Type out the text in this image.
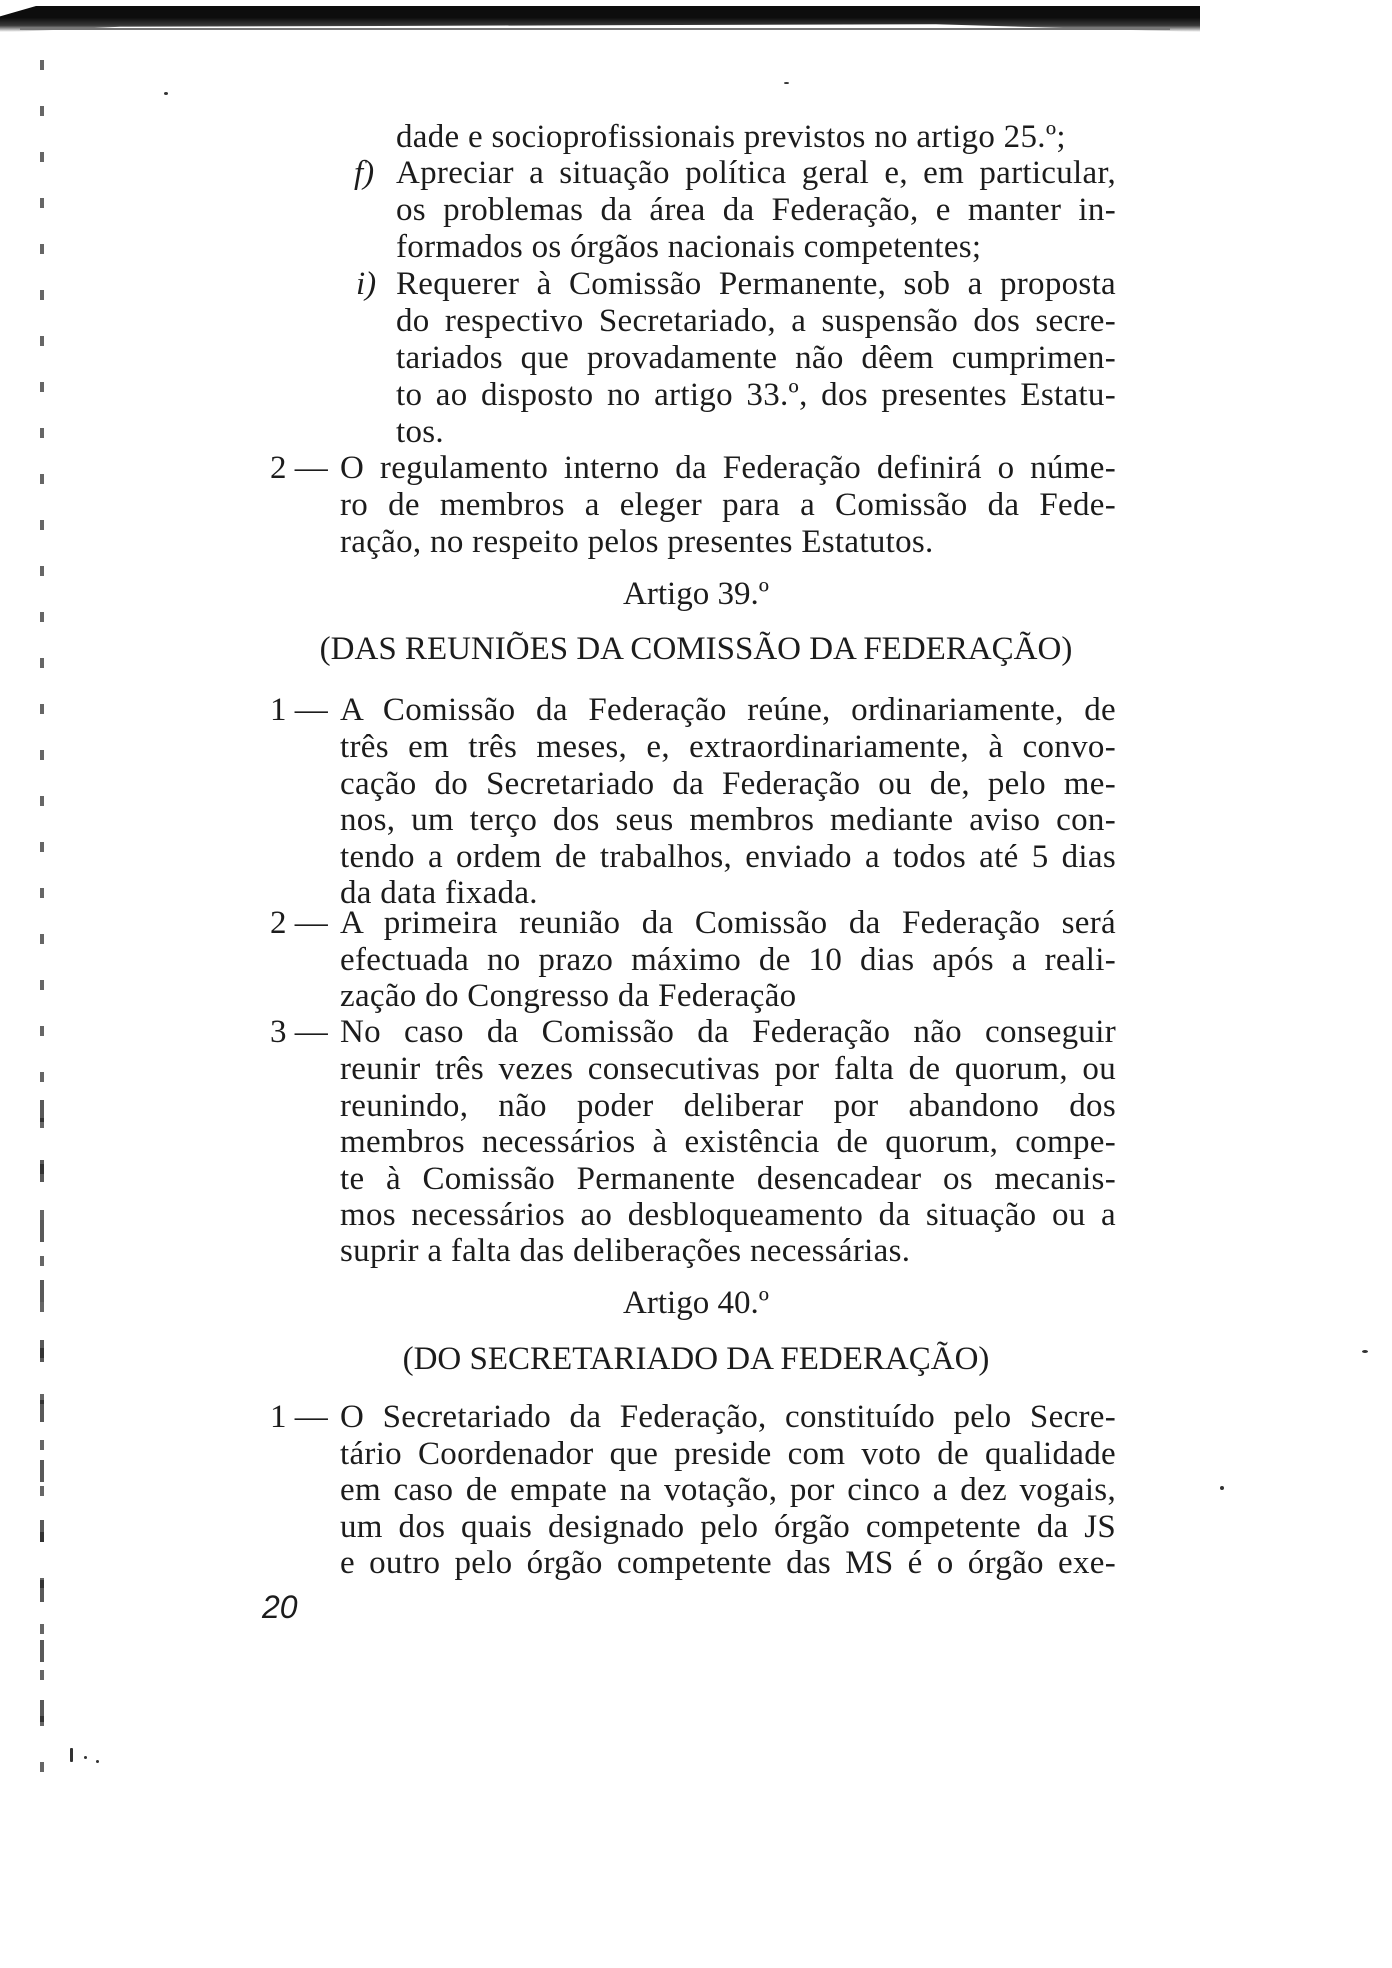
dade e socioprofissionais previstos no artigo 25.º;
f) Apreciar a situação política geral e, em particular,
os problemas da área da Federação, e manter in-
formados os órgãos nacionais competentes;
i) Requerer à Comissão Permanente, sob a proposta
do respectivo Secretariado, a suspensão dos secre-
tariados que provadamente não dêem cumprimen-
to ao disposto no artigo 33.º, dos presentes Estatu-
tos.
2 — O regulamento interno da Federação definirá o núme-
ro de membros a eleger para a Comissão da Fede-
ração, no respeito pelos presentes Estatutos.
Artigo 39.º
(DAS REUNIÕES DA COMISSÃO DA FEDERAÇÃO)
1 — A Comissão da Federação reúne, ordinariamente, de
três em três meses, e, extraordinariamente, à convo-
cação do Secretariado da Federação ou de, pelo me-
nos, um terço dos seus membros mediante aviso con-
tendo a ordem de trabalhos, enviado a todos até 5 dias
da data fixada.
2 — A primeira reunião da Comissão da Federação será
efectuada no prazo máximo de 10 dias após a reali-
zação do Congresso da Federação
3 — No caso da Comissão da Federação não conseguir
reunir três vezes consecutivas por falta de quorum, ou
reunindo, não poder deliberar por abandono dos
membros necessários à existência de quorum, compe-
te à Comissão Permanente desencadear os mecanis-
mos necessários ao desbloqueamento da situação ou a
suprir a falta das deliberações necessárias.
Artigo 40.º
(DO SECRETARIADO DA FEDERAÇÃO)
1 — O Secretariado da Federação, constituído pelo Secre-
tário Coordenador que preside com voto de qualidade
em caso de empate na votação, por cinco a dez vogais,
um dos quais designado pelo órgão competente da JS
e outro pelo órgão competente das MS é o órgão exe-
20
